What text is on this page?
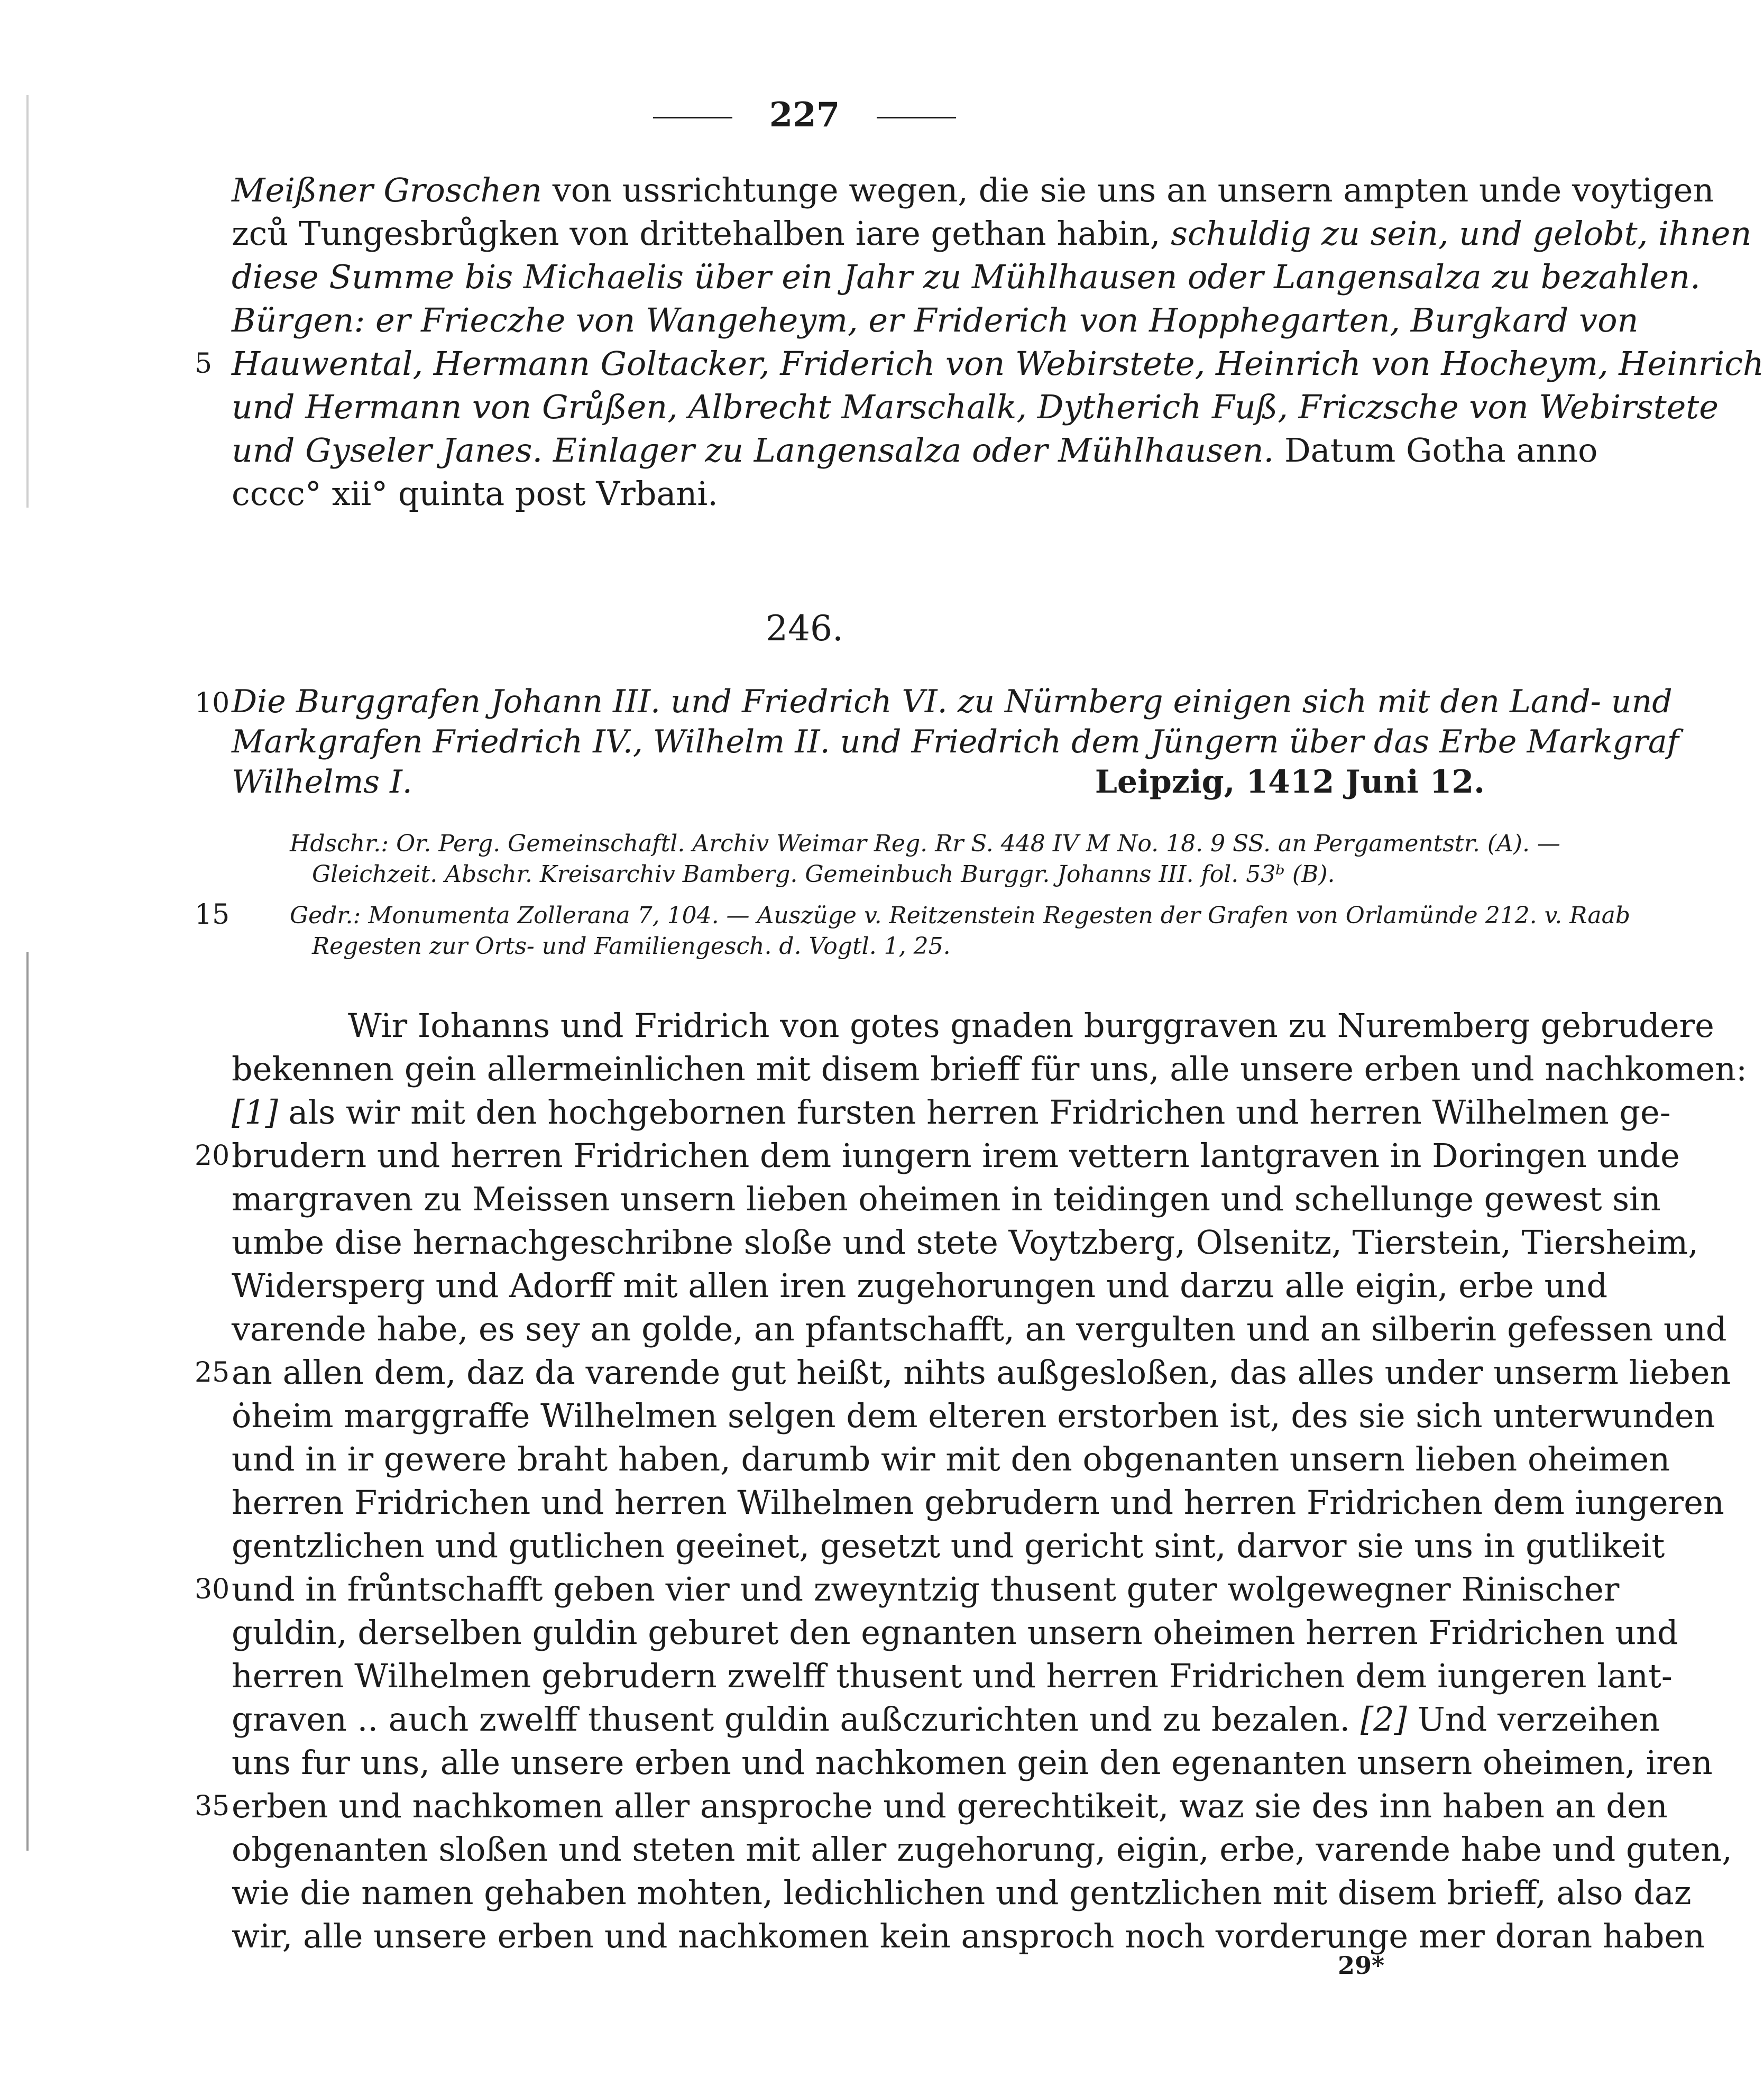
227
Meißner Groschen von ussrichtunge wegen, die sie uns an unsern ampten unde voytigen
zců Tungesbrůgken von drittehalben iare gethan habin, schuldig zu sein, und gelobt, ihnen
diese Summe bis Michaelis über ein Jahr zu Mühlhausen oder Langensalza zu bezahlen.
Bürgen: er Frieczhe von Wangeheym, er Friderich von Hopphegarten, Burgkard von
5 Hauwental, Hermann Goltacker, Friderich von Webirstete, Heinrich von Hocheym, Heinrich
und Hermann von Grůßen, Albrecht Marschalk, Dytherich Fuß, Friczsche von Webirstete
und Gyseler Janes. Einlager zu Langensalza oder Mühlhausen. Datum Gotha anno
cccc° xii° quinta post Vrbani.
246.
10 Die Burggrafen Johann III. und Friedrich VI. zu Nürnberg einigen sich mit den Land- und
Markgrafen Friedrich IV., Wilhelm II. und Friedrich dem Jüngern über das Erbe Markgraf
Wilhelms I.	Leipzig, 1412 Juni 12.
Hdschr.: Or. Perg. Gemeinschaftl. Archiv Weimar Reg. Rr S. 448 IV M No. 18. 9 SS. an Pergamentstr. (A). —
Gleichzeit. Abschr. Kreisarchiv Bamberg. Gemeinbuch Burggr. Johanns III. fol. 53ᵇ (B).
15	Gedr.: Monumenta Zollerana 7, 104. — Auszüge v. Reitzenstein Regesten der Grafen von Orlamünde 212. v. Raab
Regesten zur Orts- und Familiengesch. d. Vogtl. 1, 25.
Wir Iohanns und Fridrich von gotes gnaden burggraven zu Nuremberg gebrudere
bekennen gein allermeinlichen mit disem brieff für uns, alle unsere erben und nachkomen:
[1] als wir mit den hochgebornen fursten herren Fridrichen und herren Wilhelmen ge-
20 brudern und herren Fridrichen dem iungern irem vettern lantgraven in Doringen unde
margraven zu Meissen unsern lieben oheimen in teidingen und schellunge gewest sin
umbe dise hernachgeschribne sloße und stete Voytzberg, Olsenitz, Tierstein, Tiersheim,
Widersperg und Adorff mit allen iren zugehorungen und darzu alle eigin, erbe und
varende habe, es sey an golde, an pfantschafft, an vergulten und an silberin gefessen und
25 an allen dem, daz da varende gut heißt, nihts außgesloßen, das alles under unserm lieben
ȯheim marggraffe Wilhelmen selgen dem elteren erstorben ist, des sie sich unterwunden
und in ir gewere braht haben, darumb wir mit den obgenanten unsern lieben oheimen
herren Fridrichen und herren Wilhelmen gebrudern und herren Fridrichen dem iungeren
gentzlichen und gutlichen geeinet, gesetzt und gericht sint, darvor sie uns in gutlikeit
30 und in frůntschafft geben vier und zweyntzig thusent guter wolgewegner Rinischer
guldin, derselben guldin geburet den egnanten unsern oheimen herren Fridrichen und
herren Wilhelmen gebrudern zwelff thusent und herren Fridrichen dem iungeren lant-
graven .. auch zwelff thusent guldin außczurichten und zu bezalen. [2] Und verzeihen
uns fur uns, alle unsere erben und nachkomen gein den egenanten unsern oheimen, iren
35 erben und nachkomen aller ansproche und gerechtikeit, waz sie des inn haben an den
obgenanten sloßen und steten mit aller zugehorung, eigin, erbe, varende habe und guten,
wie die namen gehaben mohten, ledichlichen und gentzlichen mit disem brieff, also daz
wir, alle unsere erben und nachkomen kein ansproch noch vorderunge mer doran haben
29*
